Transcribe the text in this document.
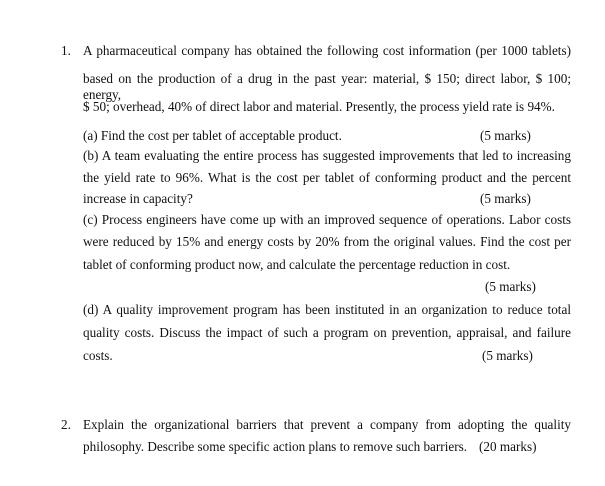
1. A pharmaceutical company has obtained the following cost information (per 1000 tablets)
based on the production of a drug in the past year: material, $ 150; direct labor, $ 100; energy,
$ 50; overhead, 40% of direct labor and material. Presently, the process yield rate is 94%.
(a) Find the cost per tablet of acceptable product.	(5 marks)
(b) A team evaluating the entire process has suggested improvements that led to increasing
the yield rate to 96%. What is the cost per tablet of conforming product and the percent
increase in capacity?	(5 marks)
(c) Process engineers have come up with an improved sequence of operations. Labor costs
were reduced by 15% and energy costs by 20% from the original values. Find the cost per
tablet of conforming product now, and calculate the percentage reduction in cost.
(5 marks)
(d) A quality improvement program has been instituted in an organization to reduce total
quality costs. Discuss the impact of such a program on prevention, appraisal, and failure
costs.	(5 marks)
2. Explain the organizational barriers that prevent a company from adopting the quality
philosophy. Describe some specific action plans to remove such barriers. (20 marks)
